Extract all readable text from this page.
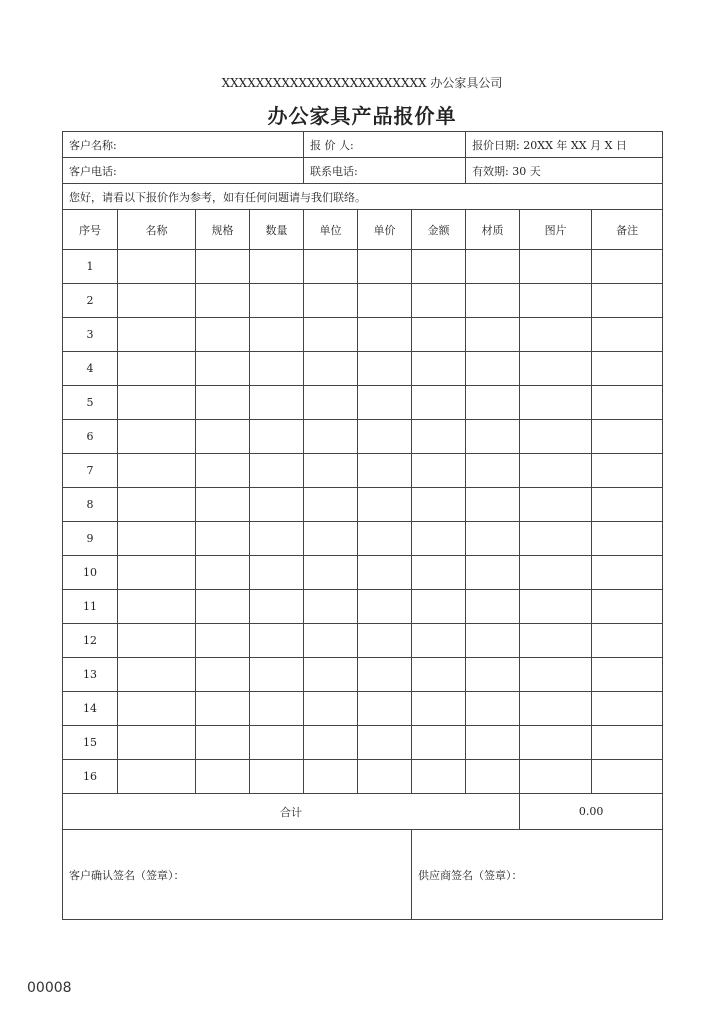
XXXXXXXXXXXXXXXXXXXXXXXX 办公家具公司
办公家具产品报价单
客户名称:				报 价 人:			报价日期: 20XX 年 XX 月 X 日		
客户电话:				联系电话:			有效期: 30 天		
您好，请看以下报价作为参考，如有任何问题请与我们联络。									
序号	名称	规格	数量	单位	单价	金额	材质	图片	备注
1									
2									
3									
4									
5									
6									
7									
8									
9									
10									
11									
12									
13									
14									
15									
16									
合计								0.00	
客户确认签名（签章）：						供应商签名（签章）：			
00008
